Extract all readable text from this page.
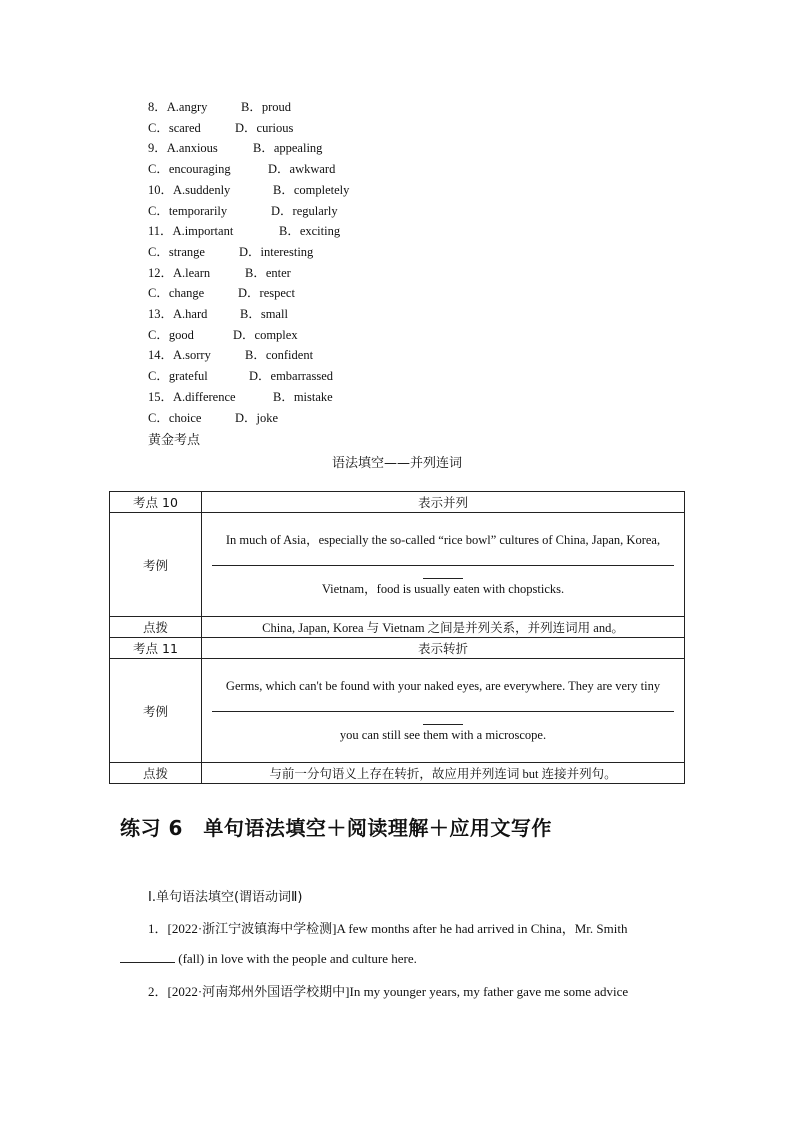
8．A.angry	B．proud
C．scared	D．curious
9．A.anxious	B．appealing
C．encouraging	D．awkward
10．A.suddenly	B．completely
C．temporarily	D．regularly
11．A.important	B．exciting
C．strange	D．interesting
12．A.learn	B．enter
C．change	D．respect
13．A.hard	B．small
C．good	D．complex
14．A.sorry	B．confident
C．grateful	D．embarrassed
15．A.difference	B．mistake
C．choice	D．joke
黄金考点
语法填空——并列连词
考点 10	表示并列
考例	In much of Asia，especially the so-called “rice bowl” cultures of China, Japan, Korea,
Vietnam，food is usually eaten with chopsticks.

点拨	China, Japan, Korea 与 Vietnam 之间是并列关系，并列连词用 and。
考点 11	表示转折
考例	Germs, which can't be found with your naked eyes, are everywhere. They are very tiny
you can still see them with a microscope.

点拨	与前一分句语义上存在转折，故应用并列连词 but 连接并列句。
练习 6　单句语法填空＋阅读理解＋应用文写作
Ⅰ.单句语法填空(谓语动词Ⅱ)
1．[2022·浙江宁波镇海中学检测]A few months after he had arrived in China，Mr. Smith
(fall) in love with the people and culture here.
2．[2022·河南郑州外国语学校期中]In my younger years, my father gave me some advice
